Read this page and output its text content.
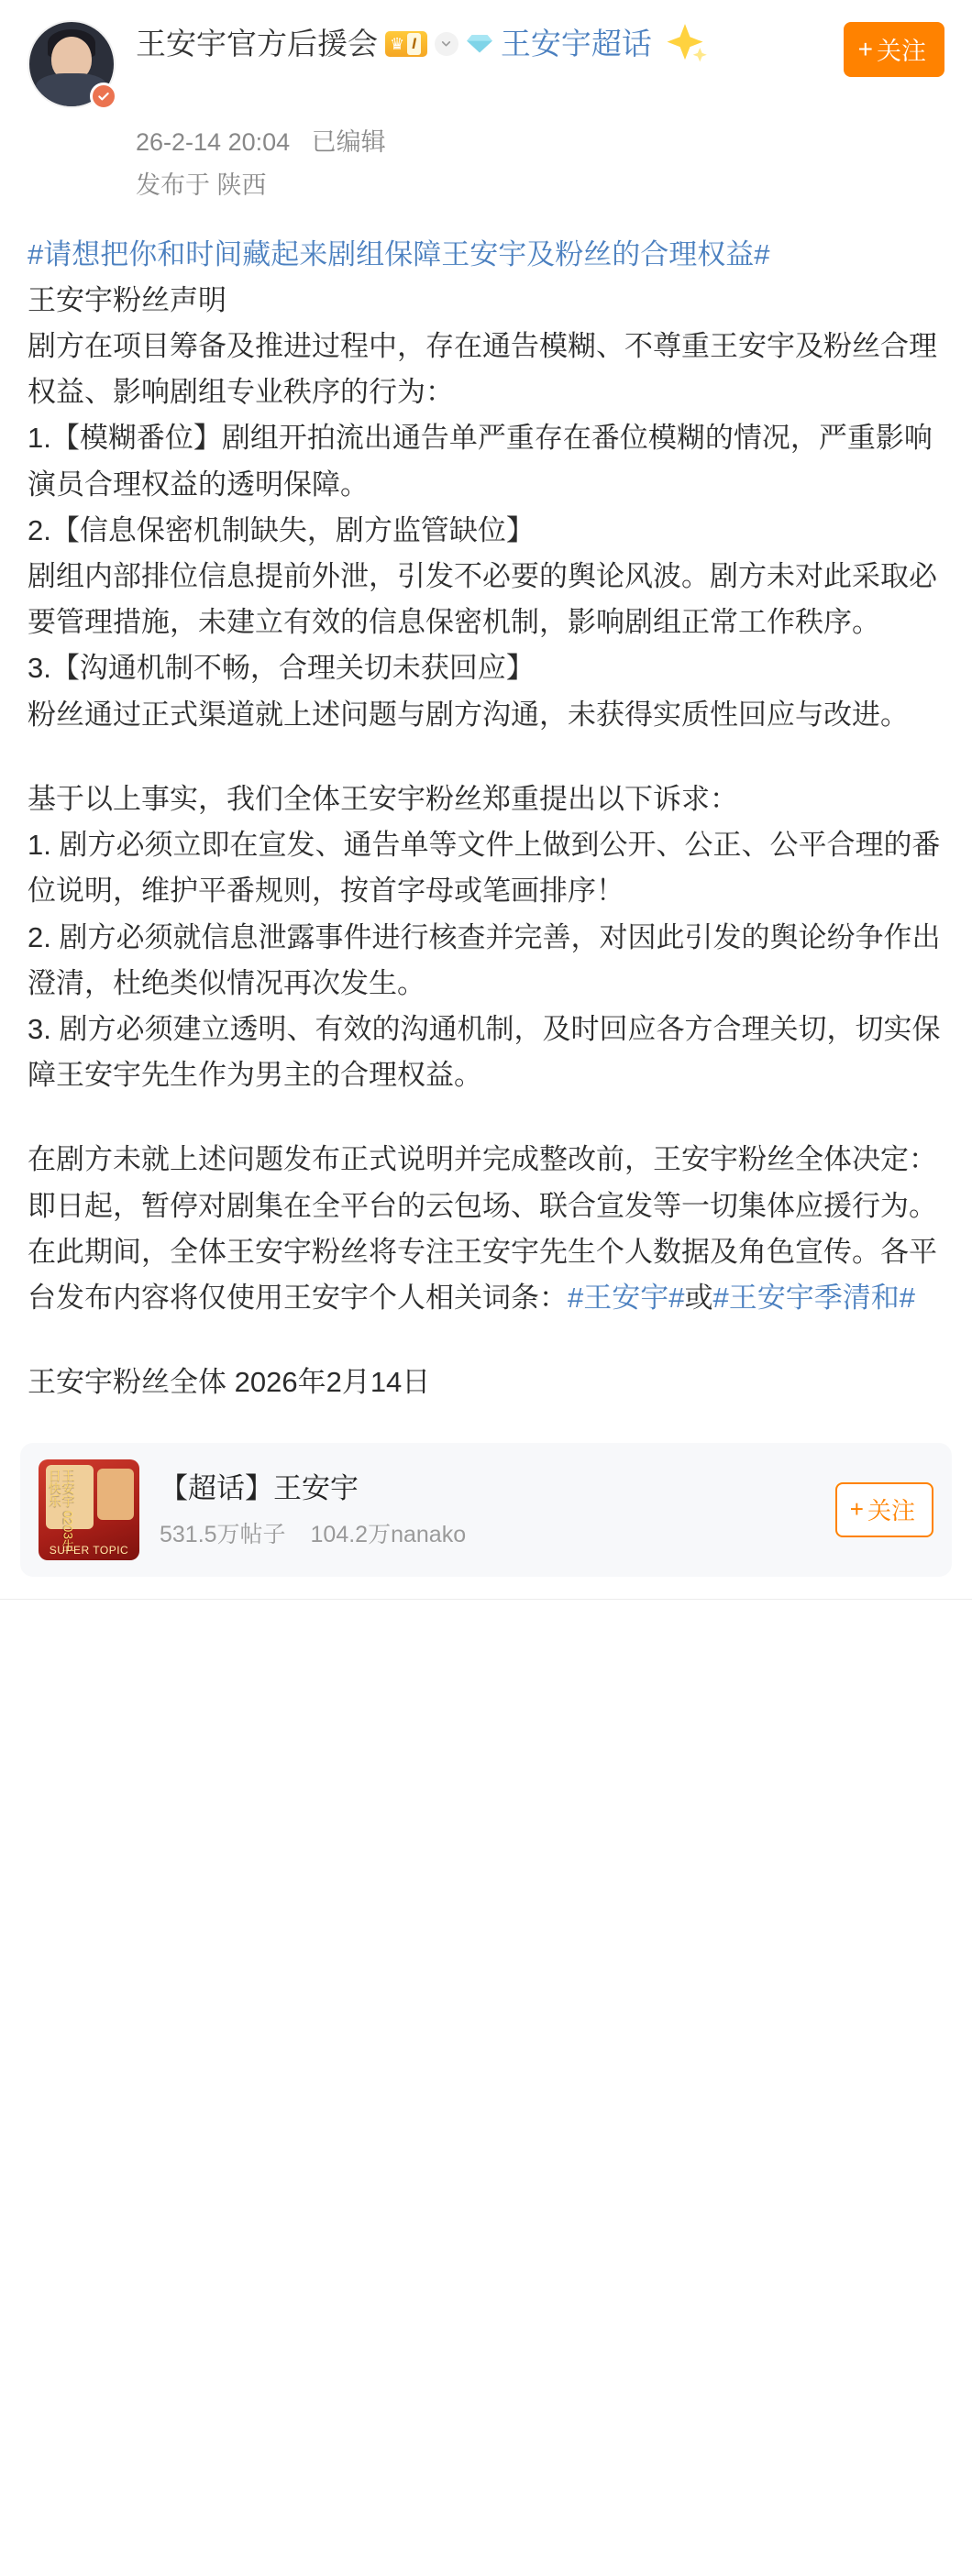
王安宇官方后援会 ♛ I	王安宇超话	+ 关注
26-2-14 20:04 已编辑
发布于 陕西

#请想把你和时间藏起来剧组保障王安宇及粉丝的合理权益#

王安宇粉丝声明

剧方在项目筹备及推进过程中，存在通告模糊、不尊重王安宇及粉丝合理权益、影响剧组专业秩序的行为：

1.【模糊番位】剧组开拍流出通告单严重存在番位模糊的情况，严重影响演员合理权益的透明保障。

2.【信息保密机制缺失，剧方监管缺位】

剧组内部排位信息提前外泄，引发不必要的舆论风波。剧方未对此采取必要管理措施，未建立有效的信息保密机制，影响剧组正常工作秩序。

3.【沟通机制不畅，合理关切未获回应】

粉丝通过正式渠道就上述问题与剧方沟通，未获得实质性回应与改进。

基于以上事实，我们全体王安宇粉丝郑重提出以下诉求：

1. 剧方必须立即在宣发、通告单等文件上做到公开、公正、公平合理的番位说明，维护平番规则，按首字母或笔画排序！

2. 剧方必须就信息泄露事件进行核查并完善，对因此引发的舆论纷争作出澄清，杜绝类似情况再次发生。

3. 剧方必须建立透明、有效的沟通机制，及时回应各方合理关切，切实保障王安宇先生作为男主的合理权益。

在剧方未就上述问题发布正式说明并完成整改前，王安宇粉丝全体决定：

即日起，暂停对剧集在全平台的云包场、联合宣发等一切集体应援行为。

在此期间，全体王安宇粉丝将专注王安宇先生个人数据及角色宣传。各平台发布内容将仅使用王安宇个人相关词条：#王安宇#或#王安宇季清和#

王安宇粉丝全体 2026年2月14日

王安宇 0203生日快乐
SUPER TOPIC
【超话】王安宇
531.5万帖子 104.2万nanako
+ 关注
